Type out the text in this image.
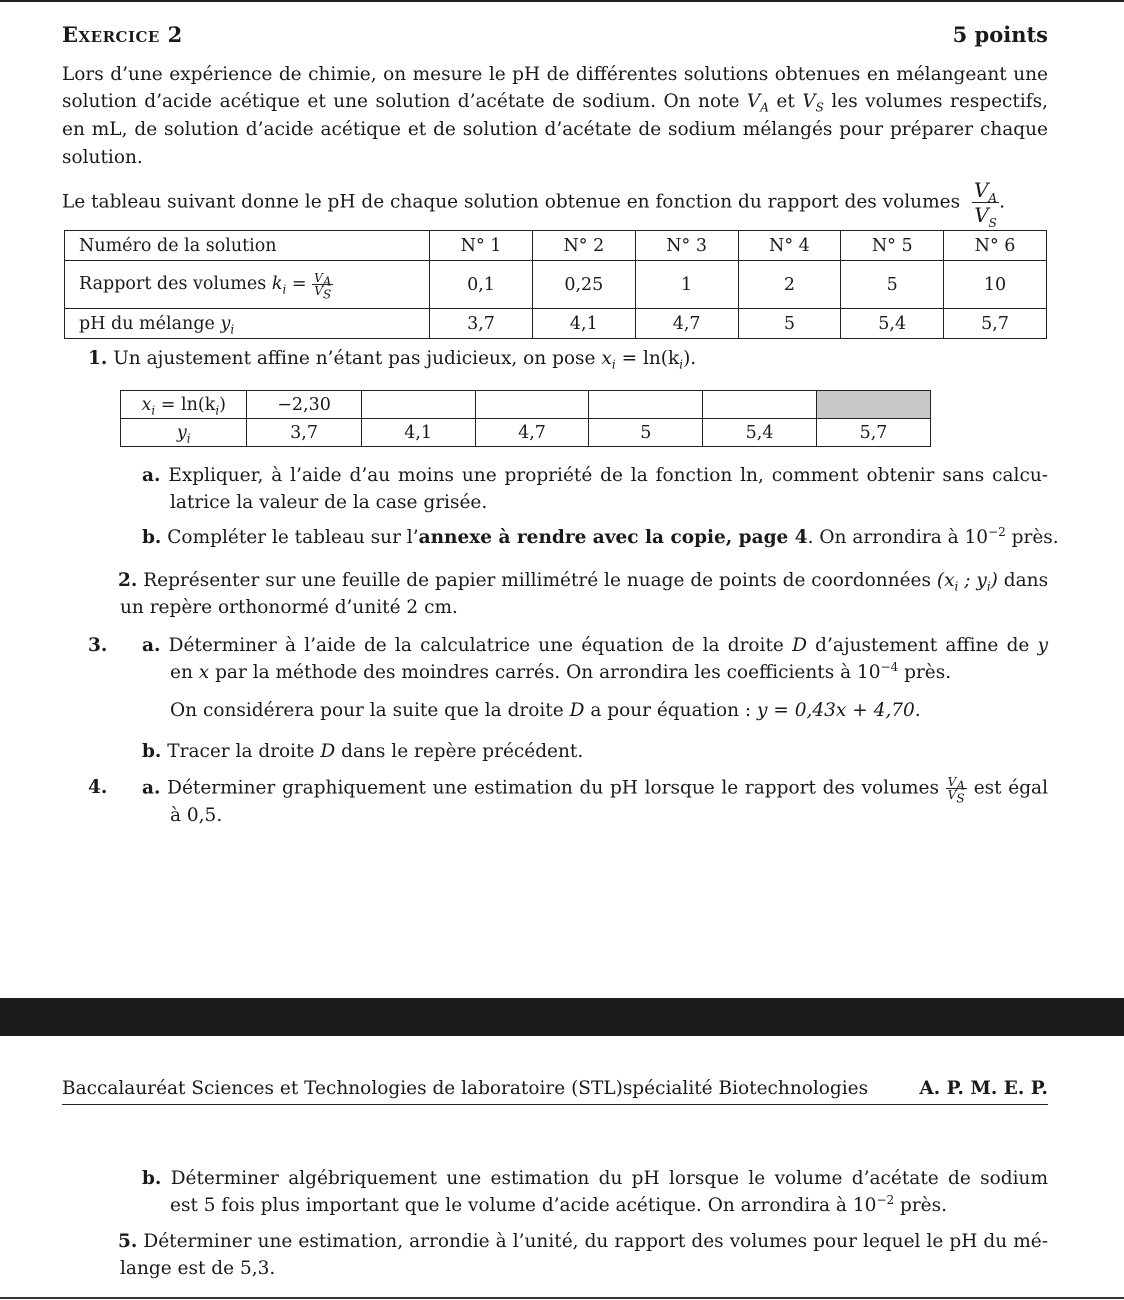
Exercice 2	5 points
Lors d’une expérience de chimie, on mesure le pH de différentes solutions obtenues en mélangeant une
solution d’acide acétique et une solution d’acétate de sodium. On note $V_A$ et $V_S$ les volumes respectifs,
en mL, de solution d’acide acétique et de solution d’acétate de sodium mélangés pour préparer chaque
solution.
Le tableau suivant donne le pH de chaque solution obtenue en fonction du rapport des volumes $\frac{V_A}{V_S}$ .
Numéro de la solution	N° 1	N° 2	N° 3	N° 4	N° 5	N° 6
Rapport des volumes $k_i = \frac{V_A}{V_S}$	0,1	0,25	1	2	5	10
pH du mélange $y_i$	3,7	4,1	4,7	5	5,4	5,7
1. Un ajustement affine n’étant pas judicieux, on pose $x_i = \ln(k_i)$.
$x_i = \ln(k_i)$	−2,30					
$y_i$	3,7	4,1	4,7	5	5,4	5,7
a. Expliquer, à l’aide d’au moins une propriété de la fonction ln, comment obtenir sans calcu-
latrice la valeur de la case grisée.
b. Compléter le tableau sur l’annexe à rendre avec la copie, page 4. On arrondira à $10^{-2}$ près.
2. Représenter sur une feuille de papier millimétré le nuage de points de coordonnées ($x_i$ ; $y_i$) dans
un repère orthonormé d’unité 2 cm.
3. a. Déterminer à l’aide de la calculatrice une équation de la droite D d’ajustement affine de y
en x par la méthode des moindres carrés. On arrondira les coefficients à $10^{-4}$ près.
On considérera pour la suite que la droite D a pour équation : y = 0,43x + 4,70.
b. Tracer la droite D dans le repère précédent.
4. a. Déterminer graphiquement une estimation du pH lorsque le rapport des volumes $\frac{V_A}{V_S}$ est égal
à 0,5.
Baccalauréat Sciences et Technologies de laboratoire (STL)spécialité Biotechnologies	A. P. M. E. P.
b. Déterminer algébriquement une estimation du pH lorsque le volume d’acétate de sodium
est 5 fois plus important que le volume d’acide acétique. On arrondira à $10^{-2}$ près.
5. Déterminer une estimation, arrondie à l’unité, du rapport des volumes pour lequel le pH du mé-
lange est de 5,3.
